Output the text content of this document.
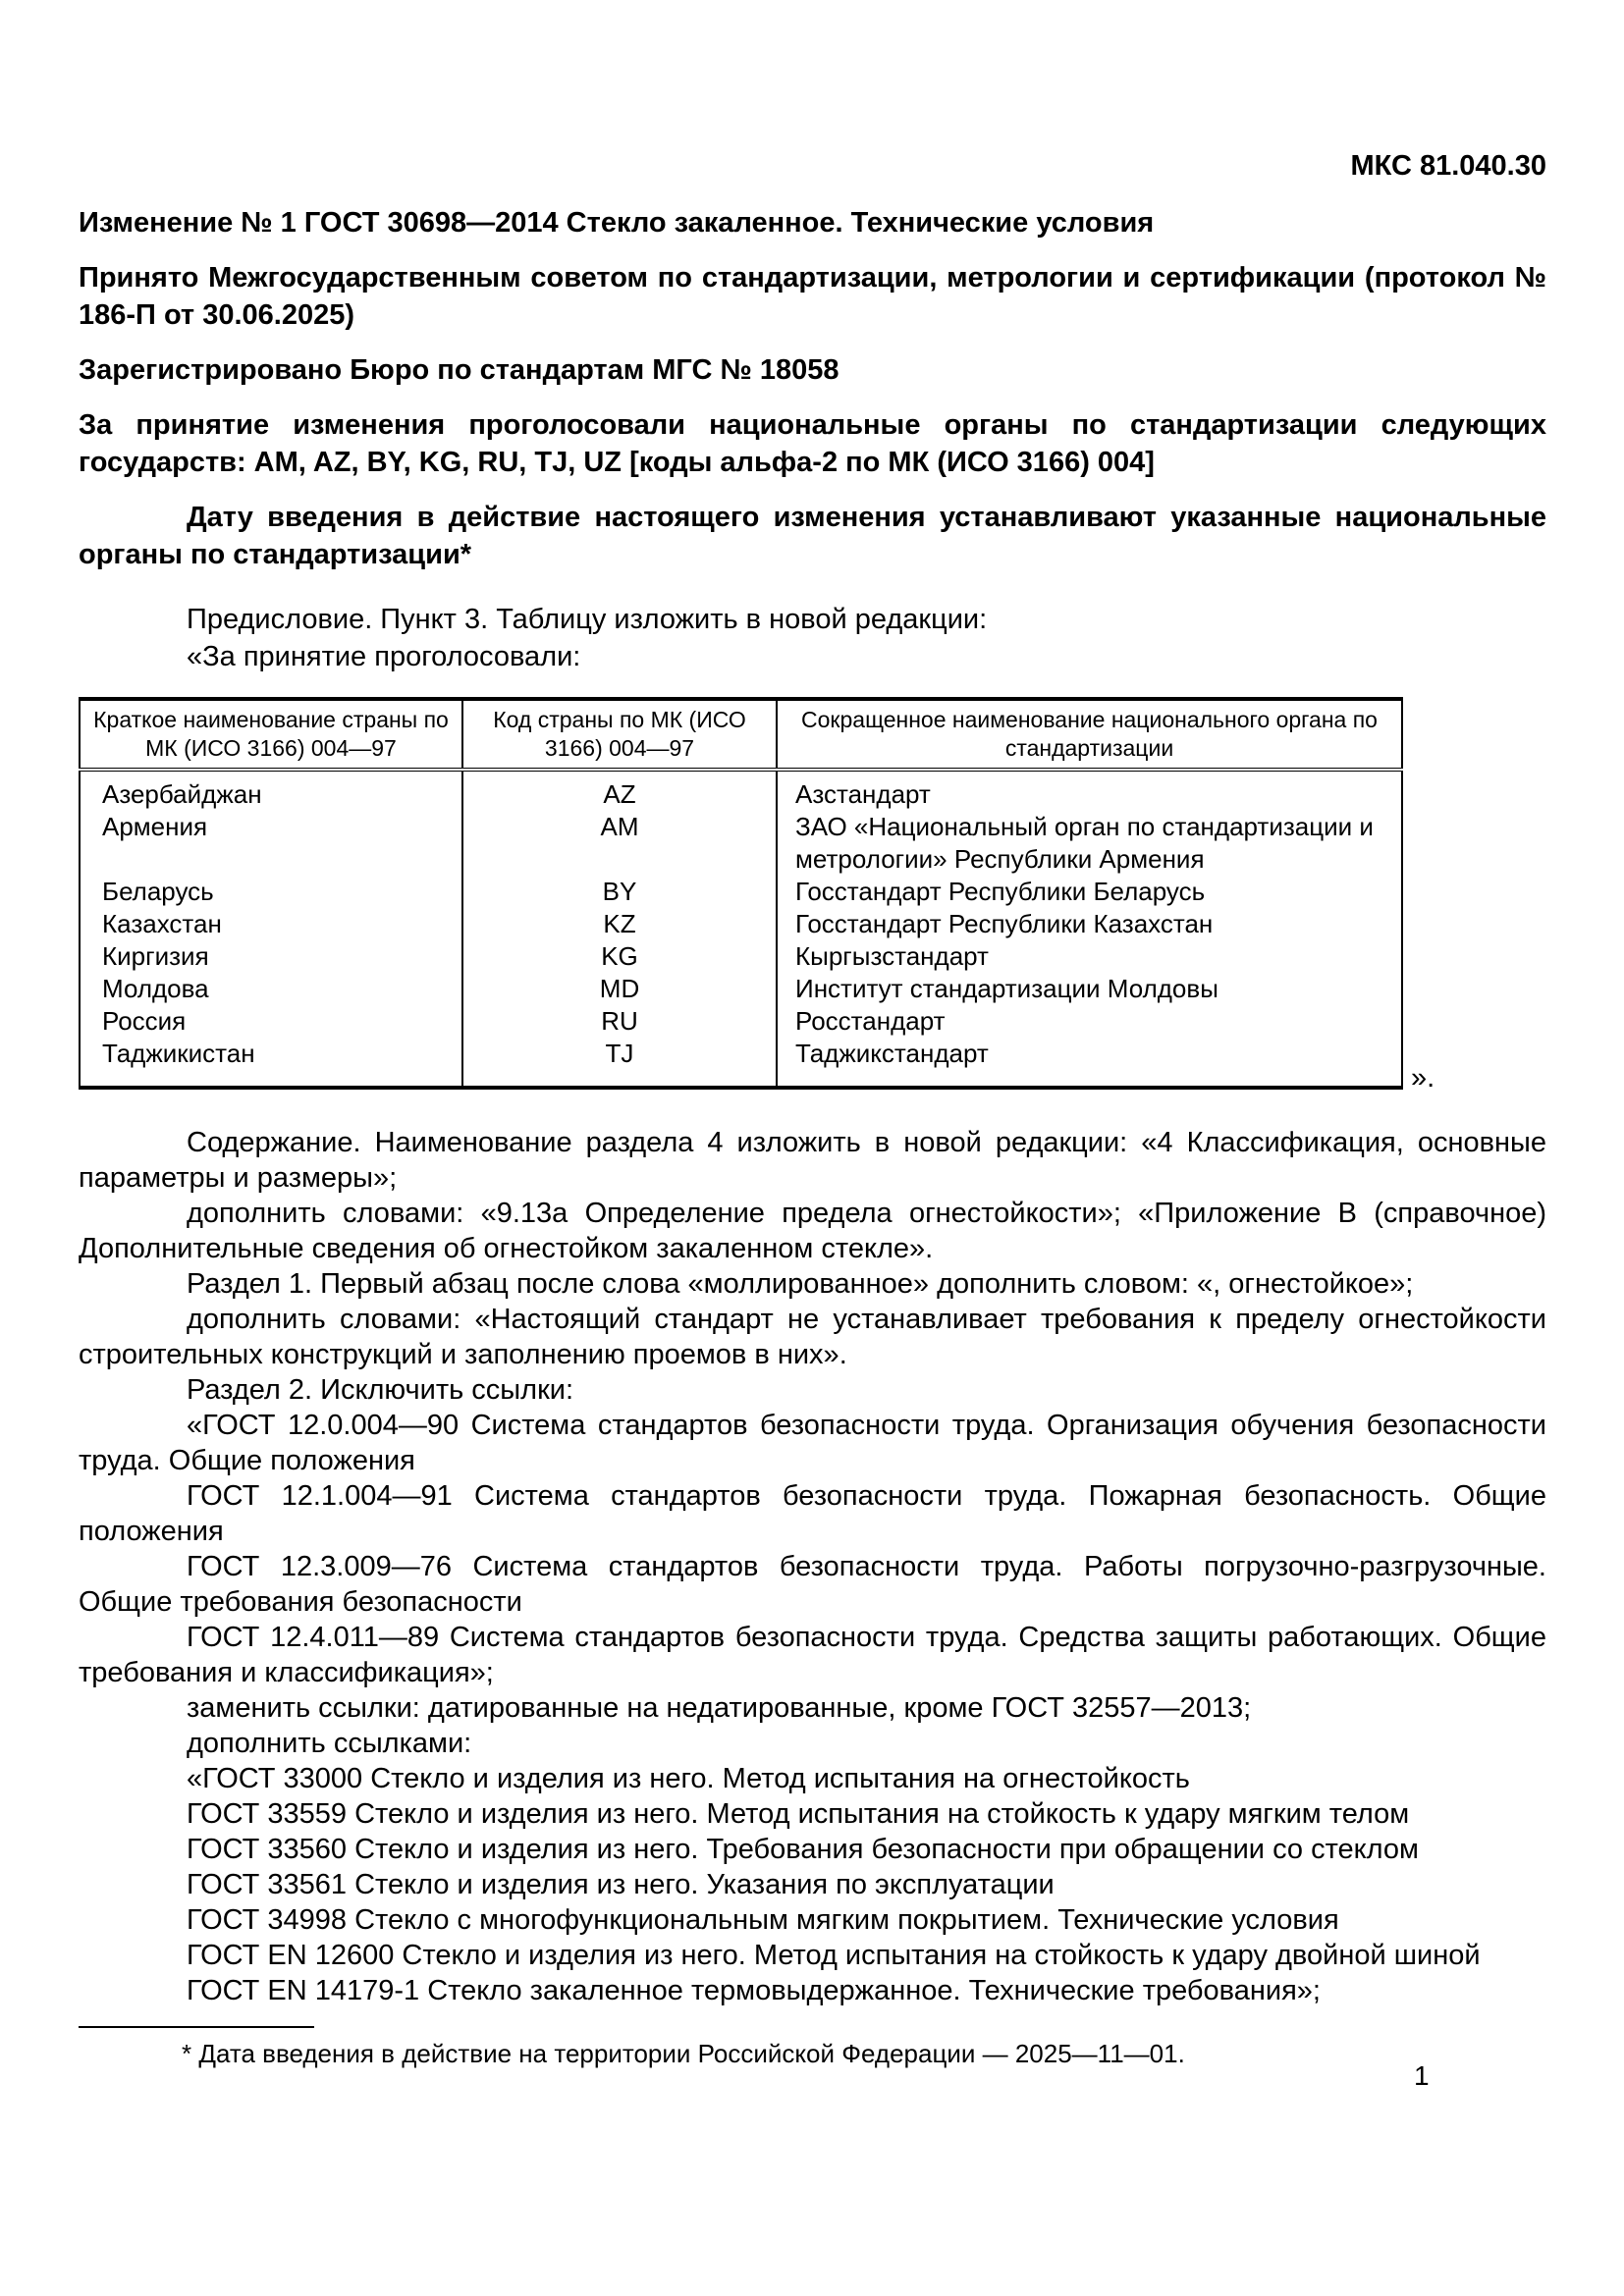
МКС 81.040.30

Изменение № 1 ГОСТ 30698—2014 Стекло закаленное. Технические условия

Принято Межгосударственным советом по стандартизации, метрологии и сертификации (протокол № 186-П от 30.06.2025)

Зарегистрировано Бюро по стандартам МГС № 18058

За принятие изменения проголосовали национальные органы по стандартизации следующих государств: AM, AZ, BY, KG, RU, TJ, UZ [коды альфа-2 по МК (ИСО 3166) 004]

Дату введения в действие настоящего изменения устанавливают указанные национальные органы по стандартизации*

Предисловие. Пункт 3. Таблицу изложить в новой редакции:

«За принятие проголосовали:

Краткое наименование страны по МК (ИСО 3166) 004—97	Код страны по МК (ИСО 3166) 004—97	Сокращенное наименование национального органа по стандартизации
Азербайджан	AZ	Азстандарт
Армения	AM	ЗАО «Национальный орган по стандартизации и метрологии» Республики Армения
Беларусь	BY	Госстандарт Республики Беларусь
Казахстан	KZ	Госстандарт Республики Казахстан
Киргизия	KG	Кыргызстандарт
Молдова	MD	Институт стандартизации Молдовы
Россия	RU	Росстандарт
Таджикистан	TJ	Таджикстандарт
».

Содержание. Наименование раздела 4 изложить в новой редакции: «4 Классификация, основные параметры и размеры»;

дополнить словами: «9.13а Определение предела огнестойкости»; «Приложение В (справочное) Дополнительные сведения об огнестойком закаленном стекле».

Раздел 1. Первый абзац после слова «моллированное» дополнить словом: «, огнестойкое»;

дополнить словами: «Настоящий стандарт не устанавливает требования к пределу огнестойкости строительных конструкций и заполнению проемов в них».

Раздел 2. Исключить ссылки:

«ГОСТ 12.0.004—90 Система стандартов безопасности труда. Организация обучения безопасности труда. Общие положения

ГОСТ 12.1.004—91 Система стандартов безопасности труда. Пожарная безопасность. Общие положения

ГОСТ 12.3.009—76 Система стандартов безопасности труда. Работы погрузочно-разгрузочные. Общие требования безопасности

ГОСТ 12.4.011—89 Система стандартов безопасности труда. Средства защиты работающих. Общие требования и классификация»;

заменить ссылки: датированные на недатированные, кроме ГОСТ 32557—2013;

дополнить ссылками:

«ГОСТ 33000 Стекло и изделия из него. Метод испытания на огнестойкость

ГОСТ 33559 Стекло и изделия из него. Метод испытания на стойкость к удару мягким телом

ГОСТ 33560 Стекло и изделия из него. Требования безопасности при обращении со стеклом

ГОСТ 33561 Стекло и изделия из него. Указания по эксплуатации

ГОСТ 34998 Стекло с многофункциональным мягким покрытием. Технические условия

ГОСТ EN 12600 Стекло и изделия из него. Метод испытания на стойкость к удару двойной шиной

ГОСТ EN 14179-1 Стекло закаленное термовыдержанное. Технические требования»;

* Дата введения в действие на территории Российской Федерации — 2025—11—01.

1
